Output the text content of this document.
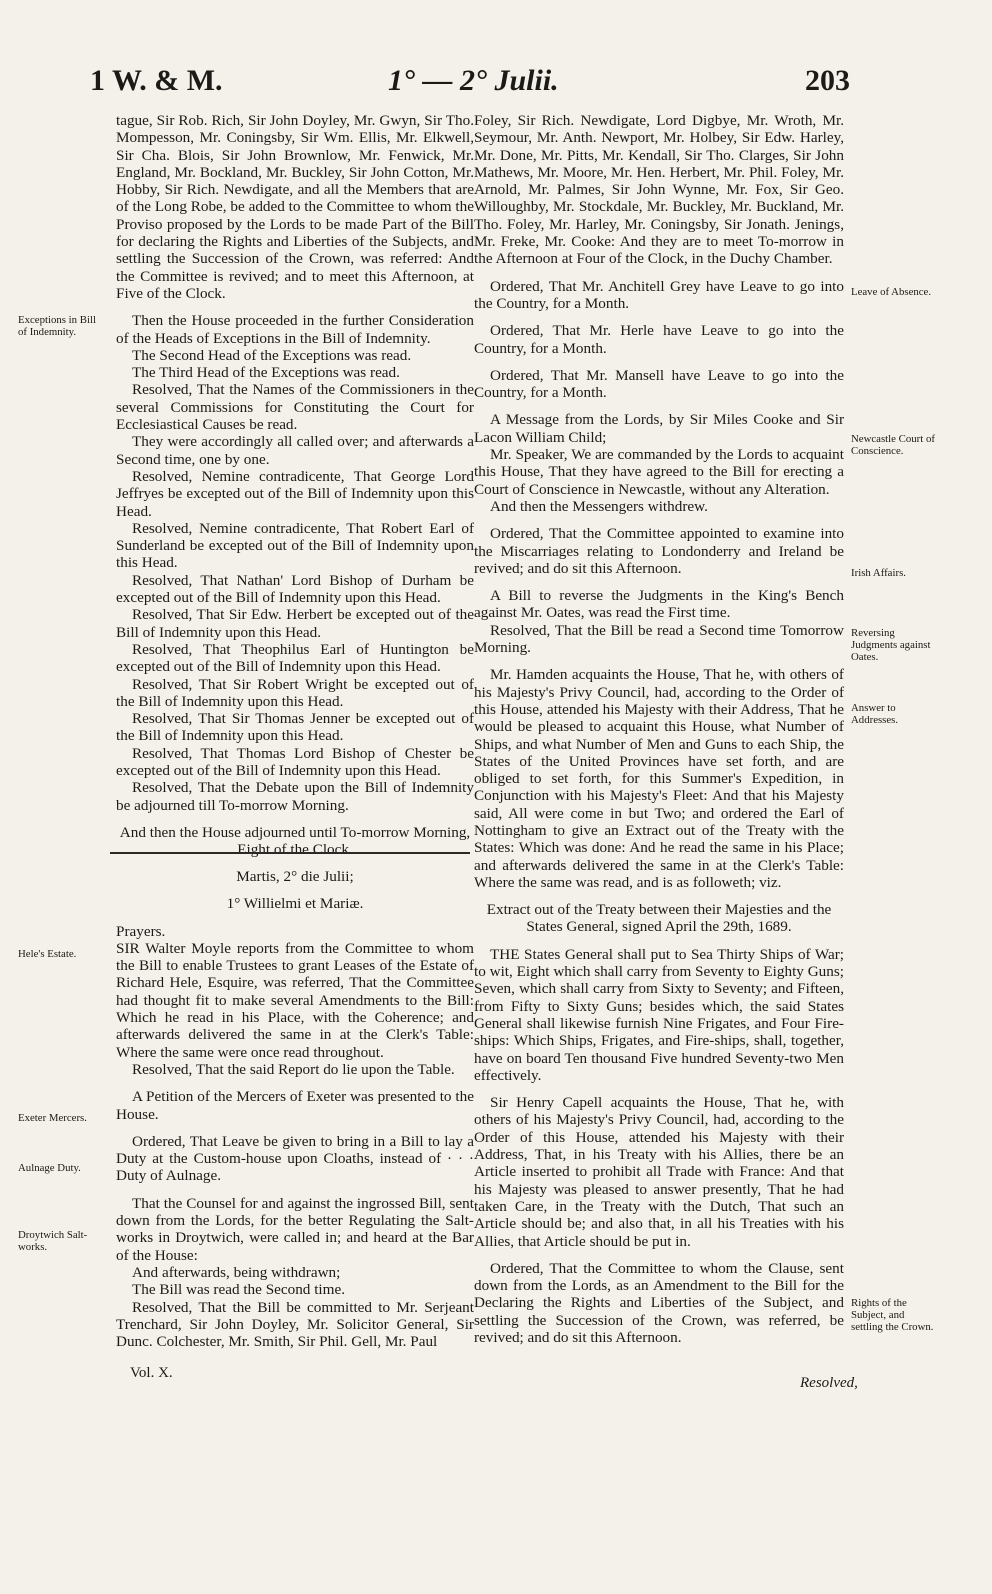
1 W. & M.	1° — 2° Julii.	203

tague, Sir Rob. Rich, Sir John Doyley, Mr. Gwyn, Sir Tho. Mompesson, Mr. Coningsby, Sir Wm. Ellis, Mr. Elkwell, Sir Cha. Blois, Sir John Brownlow, Mr. Fenwick, Mr. England, Mr. Bockland, Mr. Buckley, Sir John Cotton, Mr. Hobby, Sir Rich. Newdigate, and all the Members that are of the Long Robe, be added to the Committee to whom the Proviso proposed by the Lords to be made Part of the Bill for declaring the Rights and Liberties of the Subjects, and settling the Succession of the Crown, was referred: And the Committee is revived; and to meet this Afternoon, at Five of the Clock.

Then the House proceeded in the further Consideration of the Heads of Exceptions in the Bill of Indemnity.

The Second Head of the Exceptions was read.

The Third Head of the Exceptions was read.

Resolved, That the Names of the Commissioners in the several Commissions for Constituting the Court for Ecclesiastical Causes be read.

They were accordingly all called over; and afterwards a Second time, one by one.

Resolved, Nemine contradicente, That George Lord Jeffryes be excepted out of the Bill of Indemnity upon this Head.

Resolved, Nemine contradicente, That Robert Earl of Sunderland be excepted out of the Bill of Indemnity upon this Head.

Resolved, That Nathan' Lord Bishop of Durham be excepted out of the Bill of Indemnity upon this Head.

Resolved, That Sir Edw. Herbert be excepted out of the Bill of Indemnity upon this Head.

Resolved, That Theophilus Earl of Huntington be excepted out of the Bill of Indemnity upon this Head.

Resolved, That Sir Robert Wright be excepted out of the Bill of Indemnity upon this Head.

Resolved, That Sir Thomas Jenner be excepted out of the Bill of Indemnity upon this Head.

Resolved, That Thomas Lord Bishop of Chester be excepted out of the Bill of Indemnity upon this Head.

Resolved, That the Debate upon the Bill of Indemnity be adjourned till To-morrow Morning.

And then the House adjourned until To-morrow Morning, Eight of the Clock.

Martis, 2° die Julii;

1° Willielmi et Mariæ.

Prayers.

SIR Walter Moyle reports from the Committee to whom the Bill to enable Trustees to grant Leases of the Estate of Richard Hele, Esquire, was referred, That the Committee had thought fit to make several Amendments to the Bill: Which he read in his Place, with the Coherence; and afterwards delivered the same in at the Clerk's Table: Where the same were once read throughout.

Resolved, That the said Report do lie upon the Table.

A Petition of the Mercers of Exeter was presented to the House.

Ordered, That Leave be given to bring in a Bill to lay a Duty at the Custom-house upon Cloaths, instead of · · · Duty of Aulnage.

That the Counsel for and against the ingrossed Bill, sent down from the Lords, for the better Regulating the Salt-works in Droytwich, were called in; and heard at the Bar of the House:

And afterwards, being withdrawn;

The Bill was read the Second time.

Resolved, That the Bill be committed to Mr. Serjeant Trenchard, Sir John Doyley, Mr. Solicitor General, Sir Dunc. Colchester, Mr. Smith, Sir Phil. Gell, Mr. Paul

Foley, Sir Rich. Newdigate, Lord Digbye, Mr. Wroth, Mr. Seymour, Mr. Anth. Newport, Mr. Holbey, Sir Edw. Harley, Mr. Done, Mr. Pitts, Mr. Kendall, Sir Tho. Clarges, Sir John Mathews, Mr. Moore, Mr. Hen. Herbert, Mr. Phil. Foley, Mr. Arnold, Mr. Palmes, Sir John Wynne, Mr. Fox, Sir Geo. Willoughby, Mr. Stockdale, Mr. Buckley, Mr. Buckland, Mr. Tho. Foley, Mr. Harley, Mr. Coningsby, Sir Jonath. Jenings, Mr. Freke, Mr. Cooke: And they are to meet To-morrow in the Afternoon at Four of the Clock, in the Duchy Chamber.

Ordered, That Mr. Anchitell Grey have Leave to go into the Country, for a Month.

Ordered, That Mr. Herle have Leave to go into the Country, for a Month.

Ordered, That Mr. Mansell have Leave to go into the Country, for a Month.

A Message from the Lords, by Sir Miles Cooke and Sir Lacon William Child;

Mr. Speaker, We are commanded by the Lords to acquaint this House, That they have agreed to the Bill for erecting a Court of Conscience in Newcastle, without any Alteration.

And then the Messengers withdrew.

Ordered, That the Committee appointed to examine into the Miscarriages relating to Londonderry and Ireland be revived; and do sit this Afternoon.

A Bill to reverse the Judgments in the King's Bench against Mr. Oates, was read the First time.

Resolved, That the Bill be read a Second time Tomorrow Morning.

Mr. Hamden acquaints the House, That he, with others of his Majesty's Privy Council, had, according to the Order of this House, attended his Majesty with their Address, That he would be pleased to acquaint this House, what Number of Ships, and what Number of Men and Guns to each Ship, the States of the United Provinces have set forth, and are obliged to set forth, for this Summer's Expedition, in Conjunction with his Majesty's Fleet: And that his Majesty said, All were come in but Two; and ordered the Earl of Nottingham to give an Extract out of the Treaty with the States: Which was done: And he read the same in his Place; and afterwards delivered the same in at the Clerk's Table: Where the same was read, and is as followeth; viz.

Extract out of the Treaty between their Majesties and the States General, signed April the 29th, 1689.

THE States General shall put to Sea Thirty Ships of War; to wit, Eight which shall carry from Seventy to Eighty Guns; Seven, which shall carry from Sixty to Seventy; and Fifteen, from Fifty to Sixty Guns; besides which, the said States General shall likewise furnish Nine Frigates, and Four Fire-ships: Which Ships, Frigates, and Fire-ships, shall, together, have on board Ten thousand Five hundred Seventy-two Men effectively.

Sir Henry Capell acquaints the House, That he, with others of his Majesty's Privy Council, had, according to the Order of this House, attended his Majesty with their Address, That, in his Treaty with his Allies, there be an Article inserted to prohibit all Trade with France: And that his Majesty was pleased to answer presently, That he had taken Care, in the Treaty with the Dutch, That such an Article should be; and also that, in all his Treaties with his Allies, that Article should be put in.

Ordered, That the Committee to whom the Clause, sent down from the Lords, as an Amendment to the Bill for the Declaring the Rights and Liberties of the Subject, and settling the Succession of the Crown, was referred, be revived; and do sit this Afternoon.

Exceptions in Bill of Indemnity.
Hele's Estate.
Exeter Mercers.
Aulnage Duty.
Droytwich Salt-works.
Leave of Absence.
Newcastle Court of Conscience.
Irish Affairs.
Reversing Judgments against Oates.
Answer to Addresses.
Rights of the Subject, and settling the Crown.
Vol. X.
Resolved,
